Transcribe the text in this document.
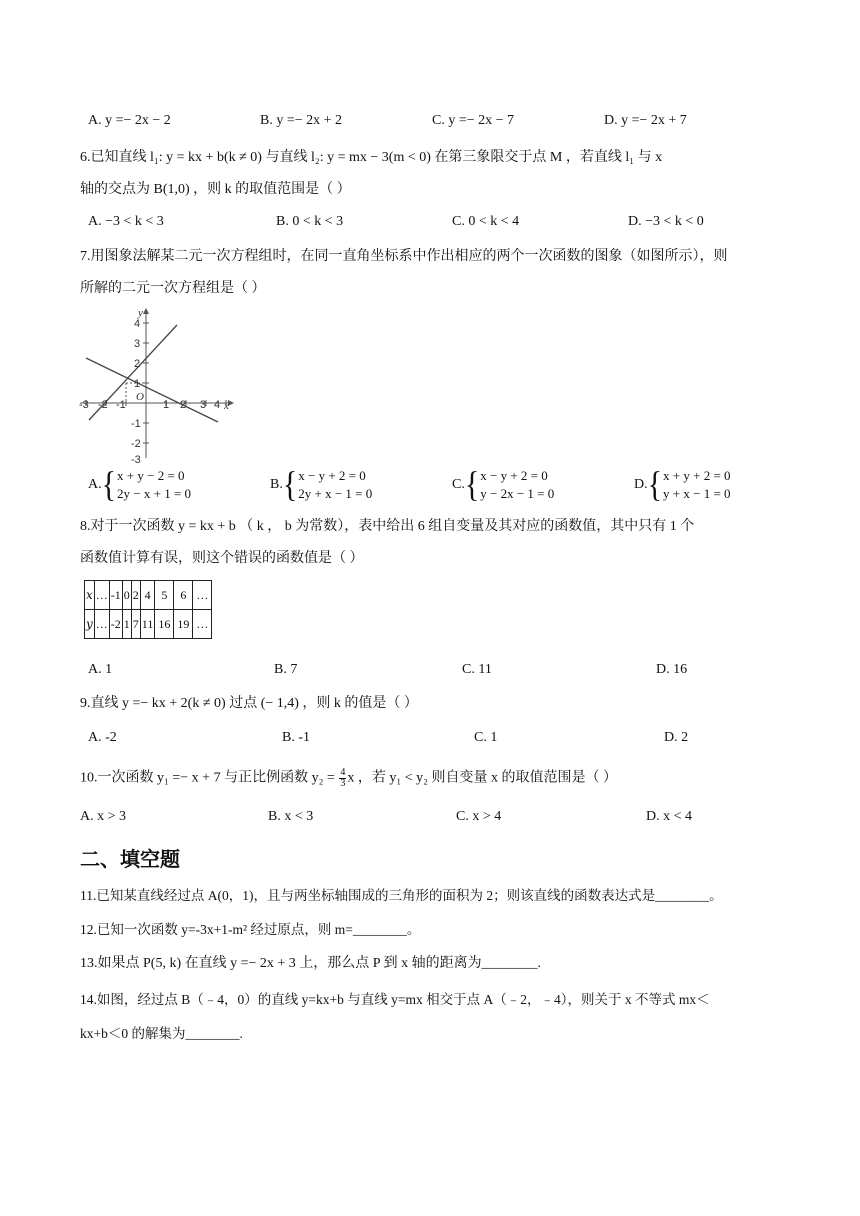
A. y =− 2x − 2	B. y =− 2x + 2	C. y =− 2x − 7	D. y =− 2x + 7
6.已知直线 l₁: y = kx + b(k ≠ 0) 与直线 l₂: y = mx − 3(m < 0) 在第三象限交于点 M ，若直线 l₁ 与 x
轴的交点为 B(1,0) ，则 k 的取值范围是（ ）
A. −3 < k < 3	B. 0 < k < 3	C. 0 < k < 4	D. −3 < k < 0
7.用图象法解某二元一次方程组时，在同一直角坐标系中作出相应的两个一次函数的图象（如图所示），则
所解的二元一次方程组是（ ）
y
x
O
4
3
2
1
-1
-2
-3
-3 -2 -1	1 2 3 4
A.{x + y − 2 = 0
2y − x + 1 = 0
B.{x − y + 2 = 0
2y + x − 1 = 0
C.{x − y + 2 = 0
y − 2x − 1 = 0
D.{x + y + 2 = 0
y + x − 1 = 0
8.对于一次函数 y = kx + b （ k ， b 为常数），表中给出 6 组自变量及其对应的函数值，其中只有 1 个
函数值计算有误，则这个错误的函数值是（ ）
x	…	-1	0	2	4	5	6	…
y	…	-2	1	7	11	16	19	…
A. 1	B. 7	C. 11	D. 16
9.直线 y =− kx + 2(k ≠ 0) 过点 (− 1,4) ，则 k 的值是（ ）
A. -2	B. -1	C. 1	D. 2
10.一次函数 y₁ =− x + 7 与正比例函数 $y_2 = \frac{4}{3}$ x ，若 y₁ < y₂ 则自变量 x 的取值范围是（ ）
A. x > 3	B. x < 3	C. x > 4	D. x < 4
二、填空题
11.已知某直线经过点 A(0，1)，且与两坐标轴围成的三角形的面积为 2；则该直线的函数表达式是________。
12.已知一次函数 y=-3x+1-m² 经过原点，则 m=________。
13.如果点 P(5, k) 在直线 y =− 2x + 3 上，那么点 P 到 x 轴的距离为________.
14.如图，经过点 B（﹣4，0）的直线 y=kx+b 与直线 y=mx 相交于点 A（﹣2，﹣4），则关于 x 不等式 mx＜
kx+b＜0 的解集为________.
